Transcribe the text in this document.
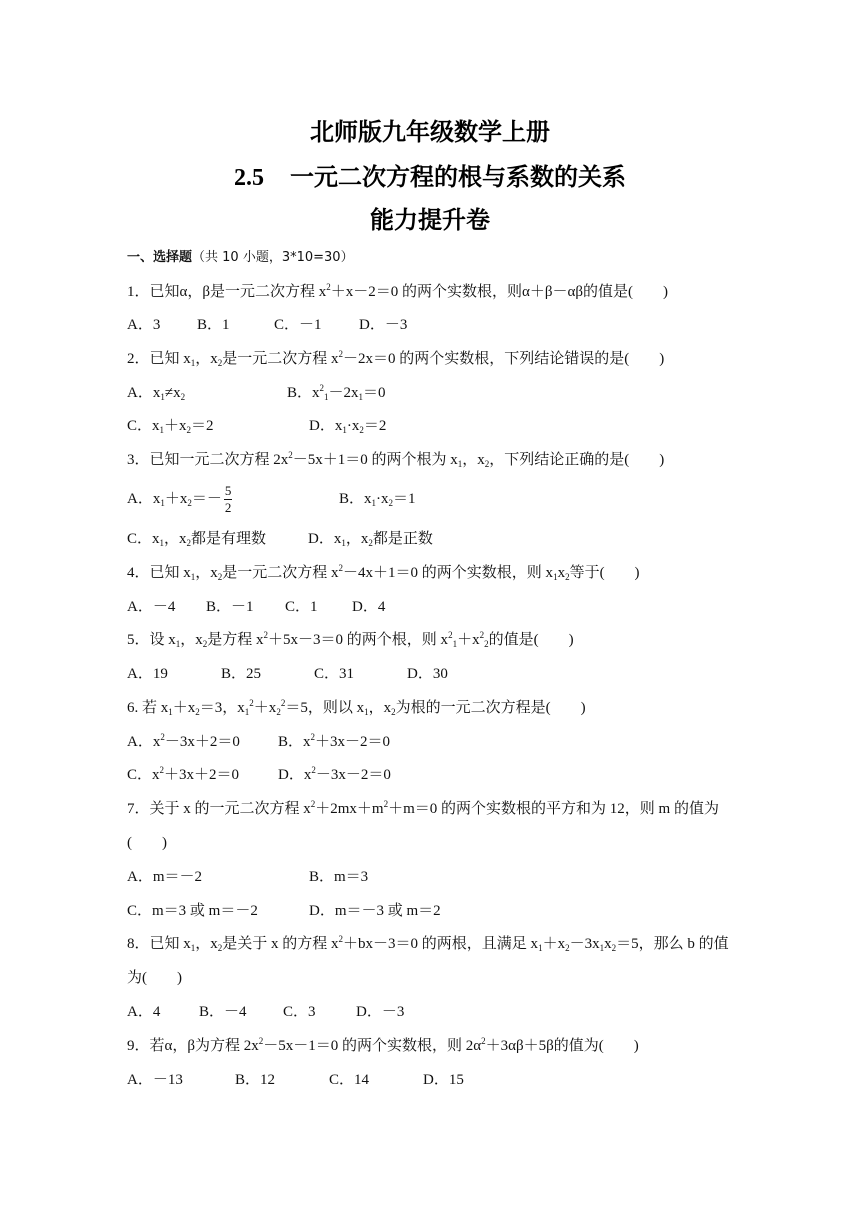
北师版九年级数学上册
2.5 一元二次方程的根与系数的关系
能力提升卷
一、选择题（共 10 小题，3*10=30）
1．已知α，β是一元二次方程 $x^2+x-2=0$ 的两个实数根，则α＋β－αβ的值是(　　)
A．3 B．1	C．－1 D．－3
2．已知 $x_1$，$x_2$是一元二次方程 $x^2-2x=0$ 的两个实数根，下列结论错误的是(　　)
A．$x_1\ne x_2$	B．$x^2_1-2x_1=0$
C．$x_1+x_2=2$	D．$x_1\cdot x_2=2$
3．已知一元二次方程 $2x^2-5x+1=0$ 的两个根为 $x_1$，$x_2$，下列结论正确的是(　　)
A．$x_1+x_2=- \frac{5}{2}$	B．$x_1\cdot x_2=1$
C．$x_1$，$x_2$都是有理数	D．$x_1$，$x_2$都是正数
4．已知 $x_1$，$x_2$是一元二次方程 $x^2-4x+1=0$ 的两个实数根，则 $x_1x_2$等于(　　)
A．－4 B．－1 C．1 D．4
5．设 $x_1$，$x_2$是方程 $x^2+5x-3=0$ 的两个根，则 $x^2_1+x^2_2$的值是(　　)
A．19	B．25	C．31	D．30
6. 若 $x_1+x_2=3$，$x_1^2+x_2^2=5$，则以 $x_1$，$x_2$为根的一元二次方程是(　　)
A．$x^2-3x+2=0$	B．$x^2+3x-2=0$
C．$x^2+3x+2=0$	D．$x^2-3x-2=0$
7．关于 x 的一元二次方程 $x^2+2mx+m^2+m=0$ 的两个实数根的平方和为 12，则 m 的值为
(　　)
A．m＝－2	B．m＝3
C．m＝3 或 m＝－2	D．m＝－3 或 m＝2
8．已知 $x_1$，$x_2$是关于 x 的方程 $x^2+bx-3=0$ 的两根，且满足 $x_1+x_2-3x_1x_2=5$，那么 b 的值
为(　　)
A．4	B．－4 C．3	D．－3
9．若α，β为方程 $2x^2-5x-1=0$ 的两个实数根，则 $2\alpha^2+3\alpha\beta+5\beta$的值为(　　)
A．－13	B．12	C．14	D．15
